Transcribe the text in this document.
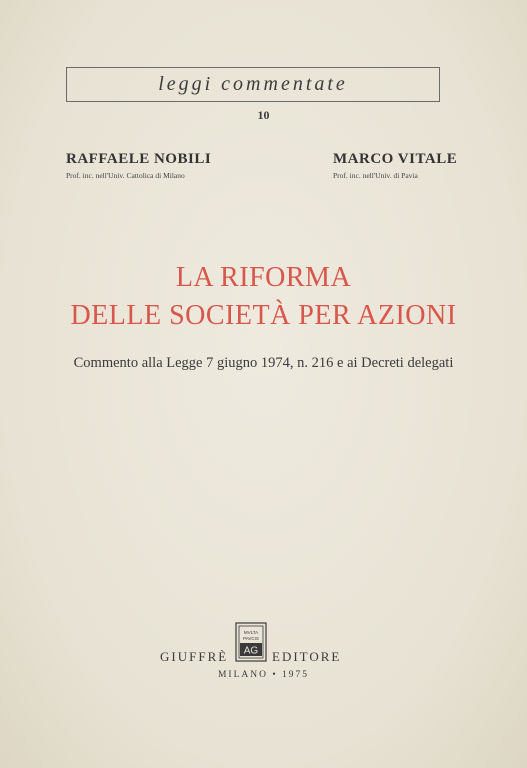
leggi commentate
10
RAFFAELE NOBILI
Prof. inc. nell'Univ. Cattolica di Milano
MARCO VITALE
Prof. inc. nell'Univ. di Pavia
LA RIFORMA
DELLE SOCIETÀ PER AZIONI
Commento alla Legge 7 giugno 1974, n. 216 e ai Decreti delegati
GIUFFRÈ
MVLTA
PAVCIS
AG EDITORE
MILANO • 1975
